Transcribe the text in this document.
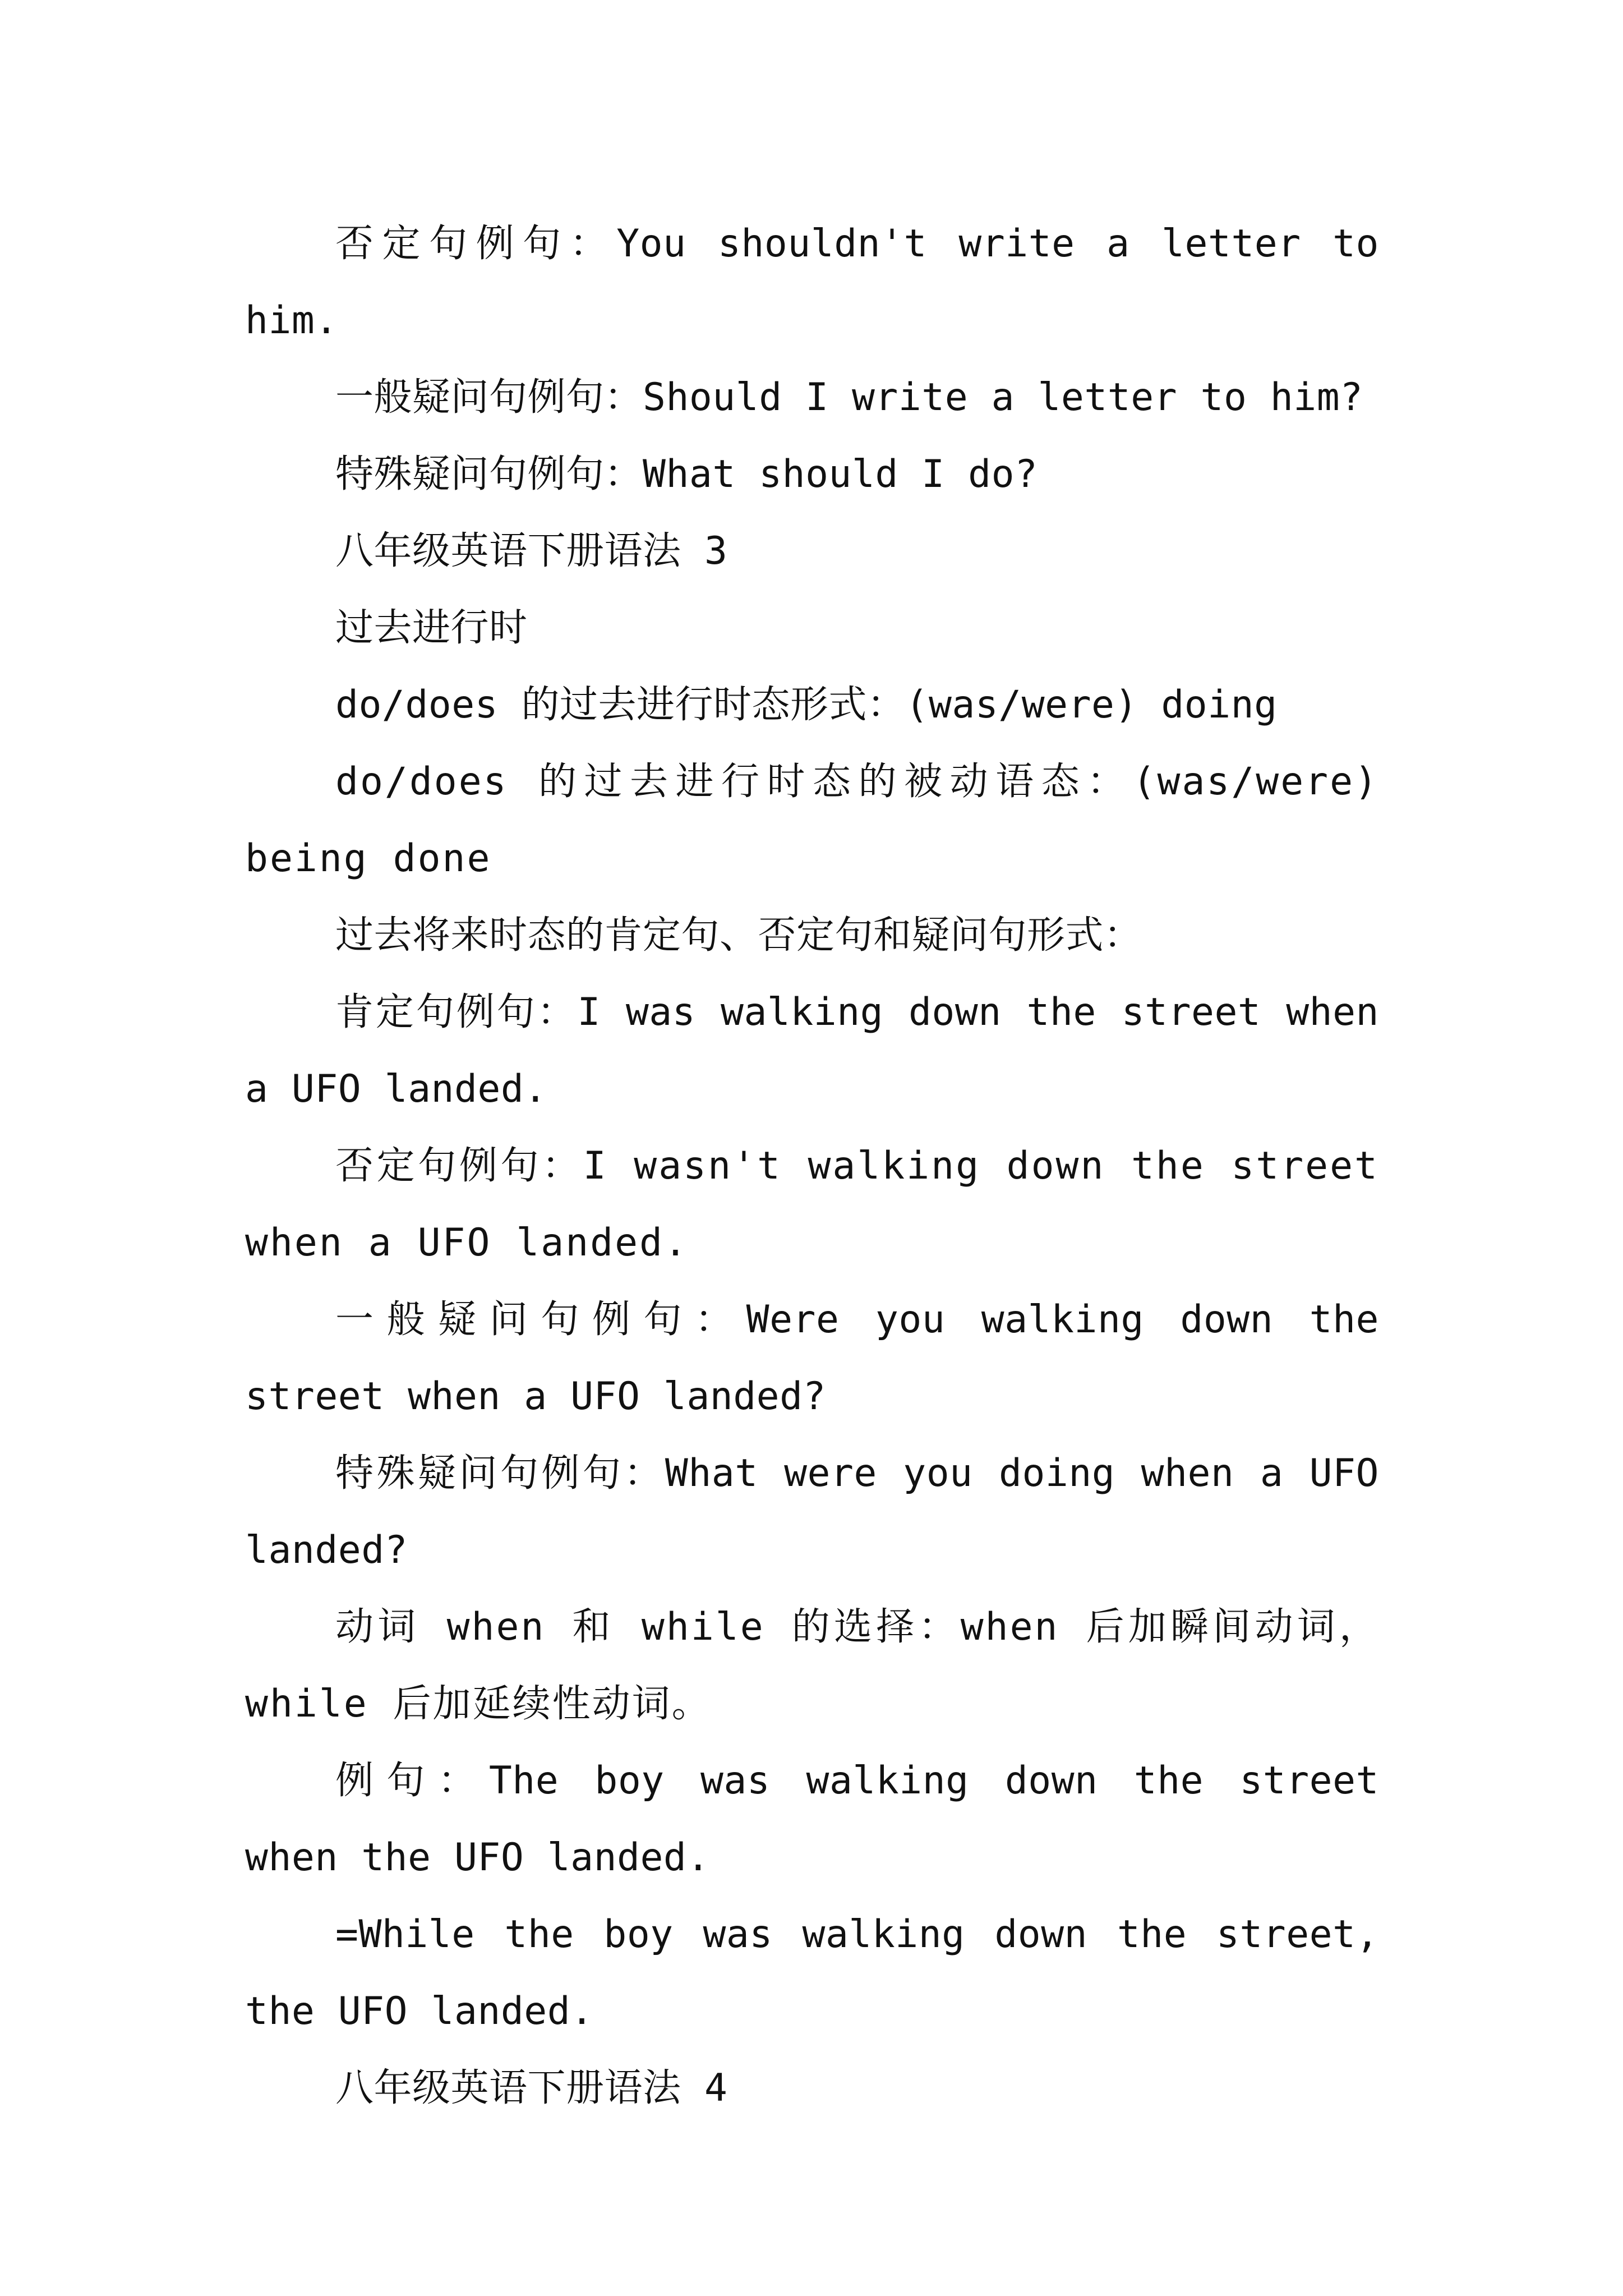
否定句例句：You shouldn't write a letter to him.

一般疑问句例句：Should I write a letter to him?

特殊疑问句例句：What should I do?

八年级英语下册语法 3

过去进行时

do/does 的过去进行时态形式：(was/were) doing

do/does 的过去进行时态的被动语态：(was/were) being done

过去将来时态的肯定句、否定句和疑问句形式：

肯定句例句：I was walking down the street when a UFO landed.

否定句例句：I wasn't walking down the street when a UFO landed.

一般疑问句例句：Were you walking down the street when a UFO landed?

特殊疑问句例句：What were you doing when a UFO landed?

动词 when 和 while 的选择：when 后加瞬间动词，while 后加延续性动词。

例句：The boy was walking down the street when the UFO landed.

=While the boy was walking down the street, the UFO landed.

八年级英语下册语法 4
